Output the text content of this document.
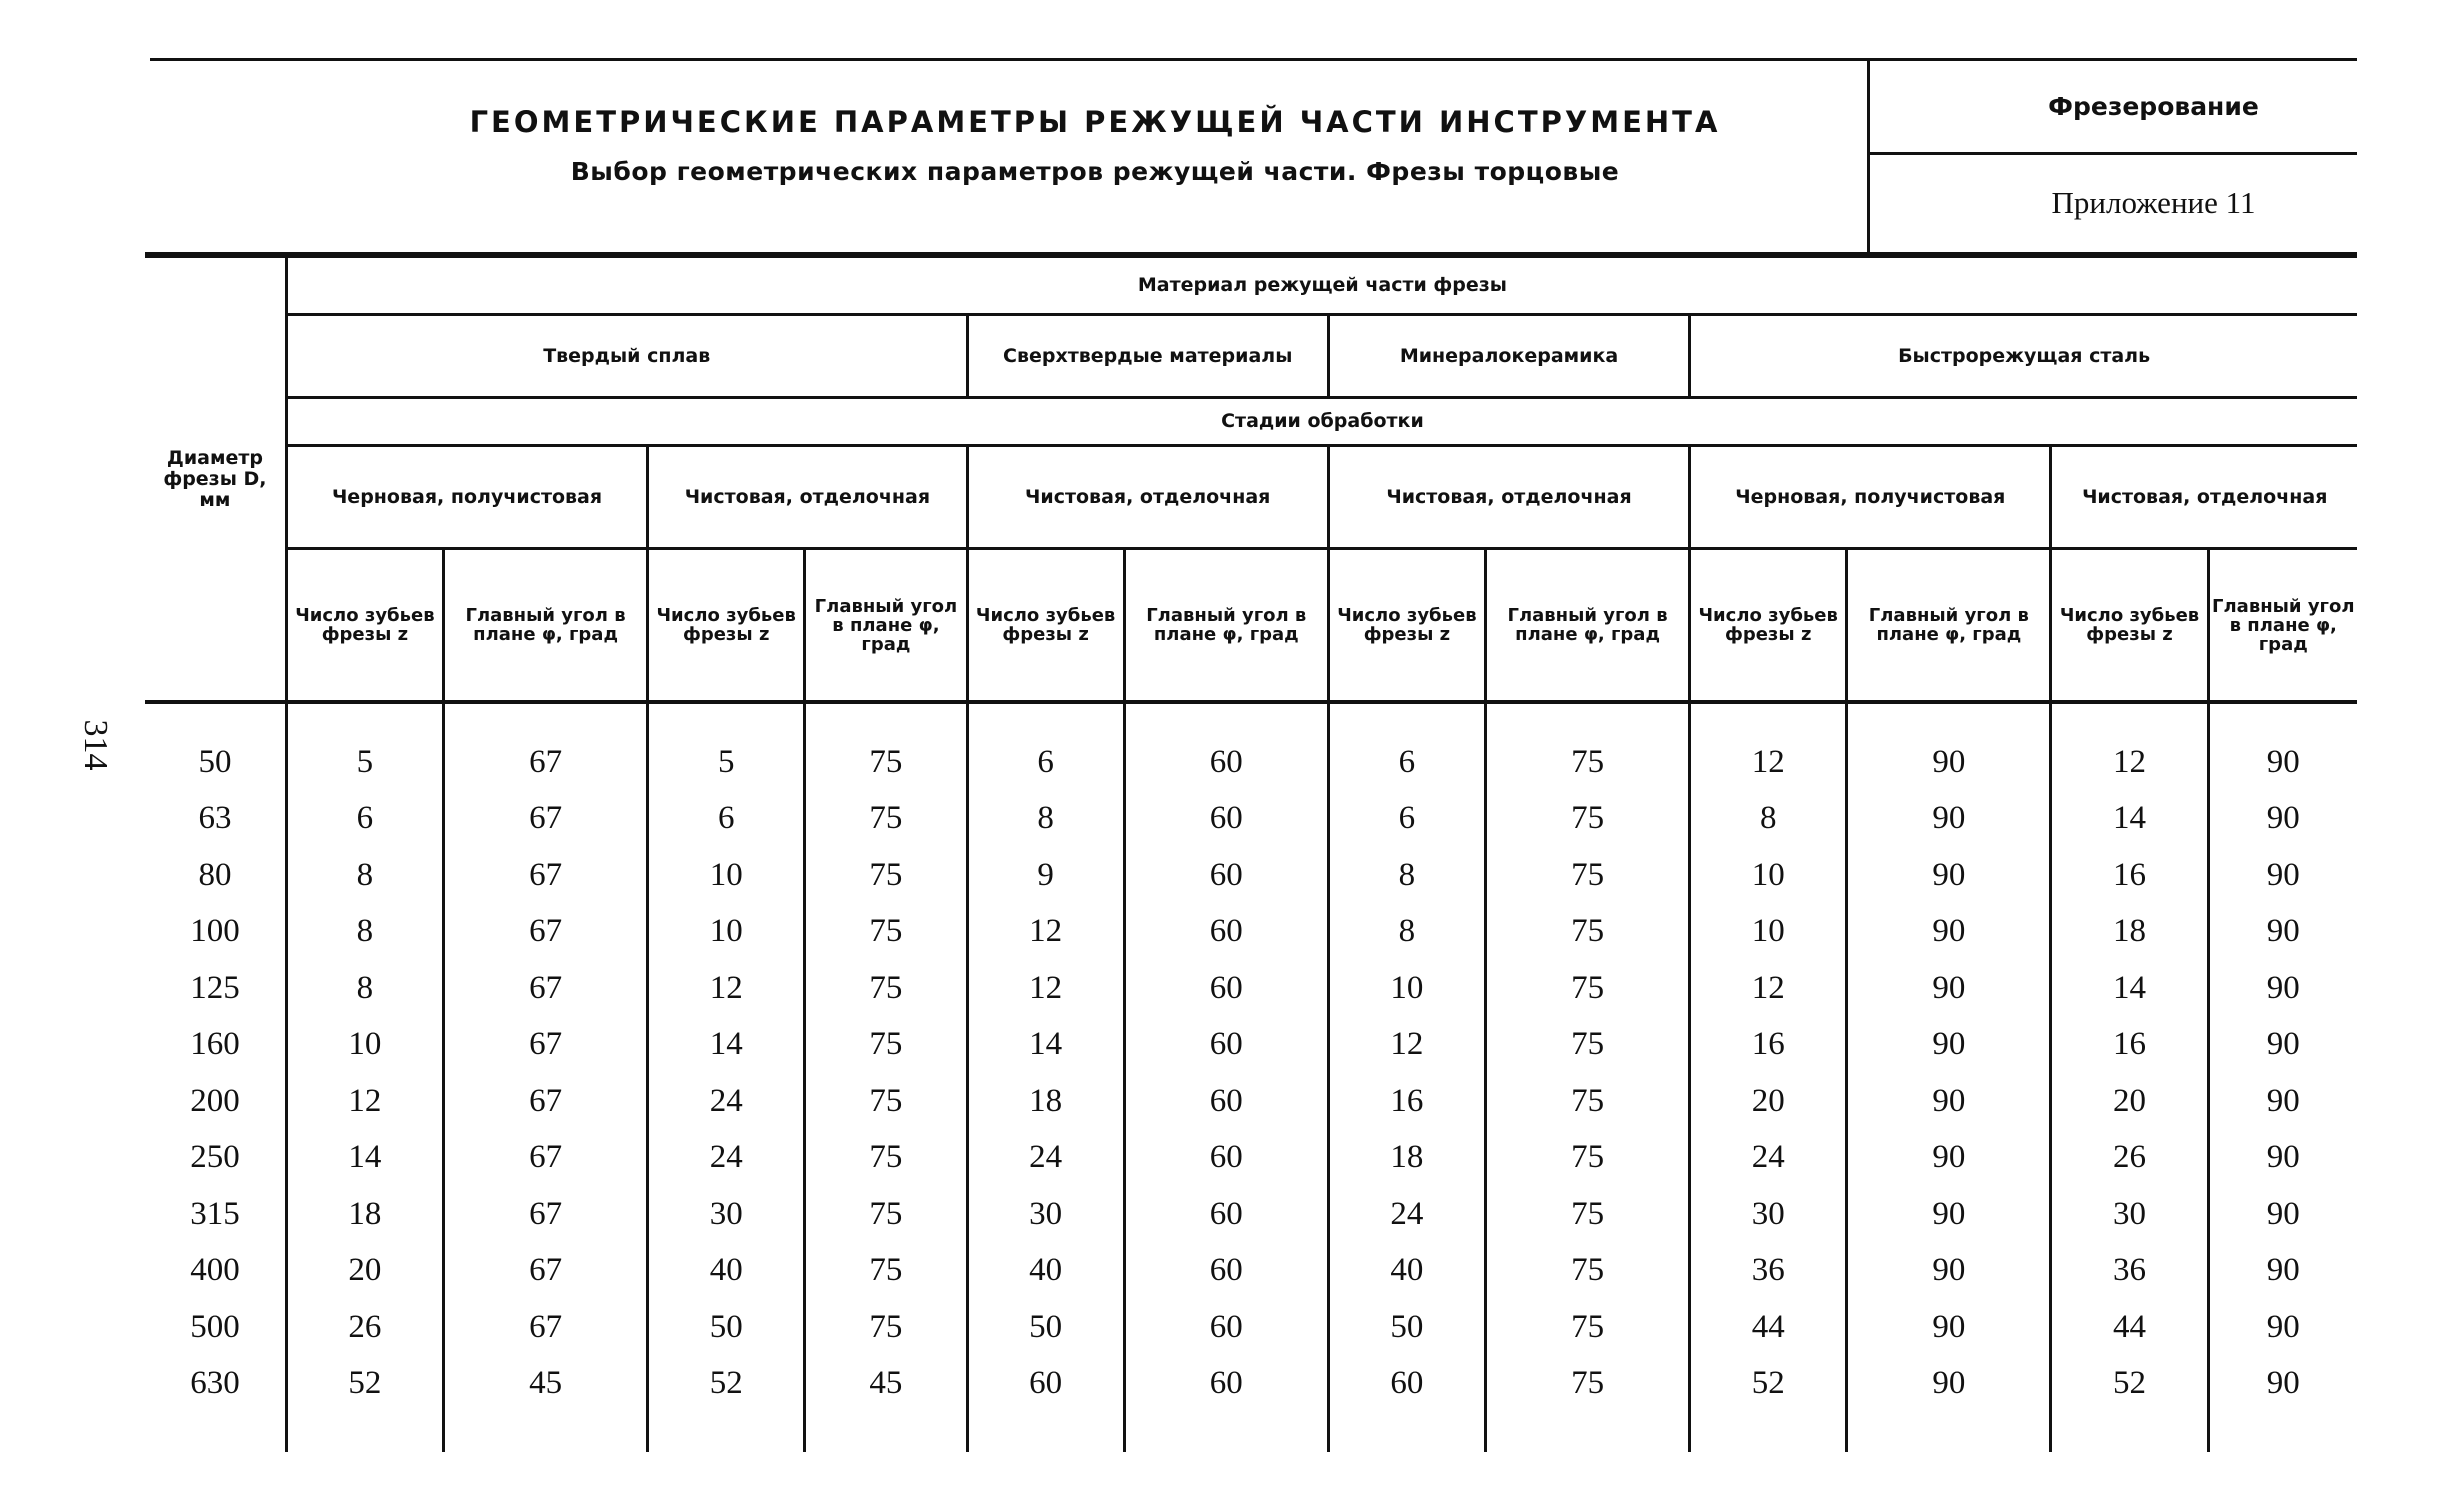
ГЕОМЕТРИЧЕСКИЕ ПАРАМЕТРЫ РЕЖУЩЕЙ ЧАСТИ ИНСТРУМЕНТА
Выбор геометрических параметров режущей части. Фрезы торцовые
Фрезерование
Приложение 11
314
Диаметр фрезы D, мм	Материал режущей части фрезы											
	Твердый сплав				Сверхтвердые материалы		Минералокерамика		Быстрорежущая сталь			
	Стадии обработки											
	Черновая, получистовая		Чистовая, отделочная		Чистовая, отделочная		Чистовая, отделочная		Черновая, получистовая		Чистовая, отделочная	
	Число зубьев фрезы z	Главный угол в плане φ, град	Число зубьев фрезы z	Главный угол в плане φ, град	Число зубьев фрезы z	Главный угол в плане φ, град	Число зубьев фрезы z	Главный угол в плане φ, град	Число зубьев фрезы z	Главный угол в плане φ, град	Число зубьев фрезы z	Главный угол в плане φ, град
50	5	67	5	75	6	60	6	75	12	90	12	90
63	6	67	6	75	8	60	6	75	8	90	14	90
80	8	67	10	75	9	60	8	75	10	90	16	90
100	8	67	10	75	12	60	8	75	10	90	18	90
125	8	67	12	75	12	60	10	75	12	90	14	90
160	10	67	14	75	14	60	12	75	16	90	16	90
200	12	67	24	75	18	60	16	75	20	90	20	90
250	14	67	24	75	24	60	18	75	24	90	26	90
315	18	67	30	75	30	60	24	75	30	90	30	90
400	20	67	40	75	40	60	40	75	36	90	36	90
500	26	67	50	75	50	60	50	75	44	90	44	90
630	52	45	52	45	60	60	60	75	52	90	52	90
